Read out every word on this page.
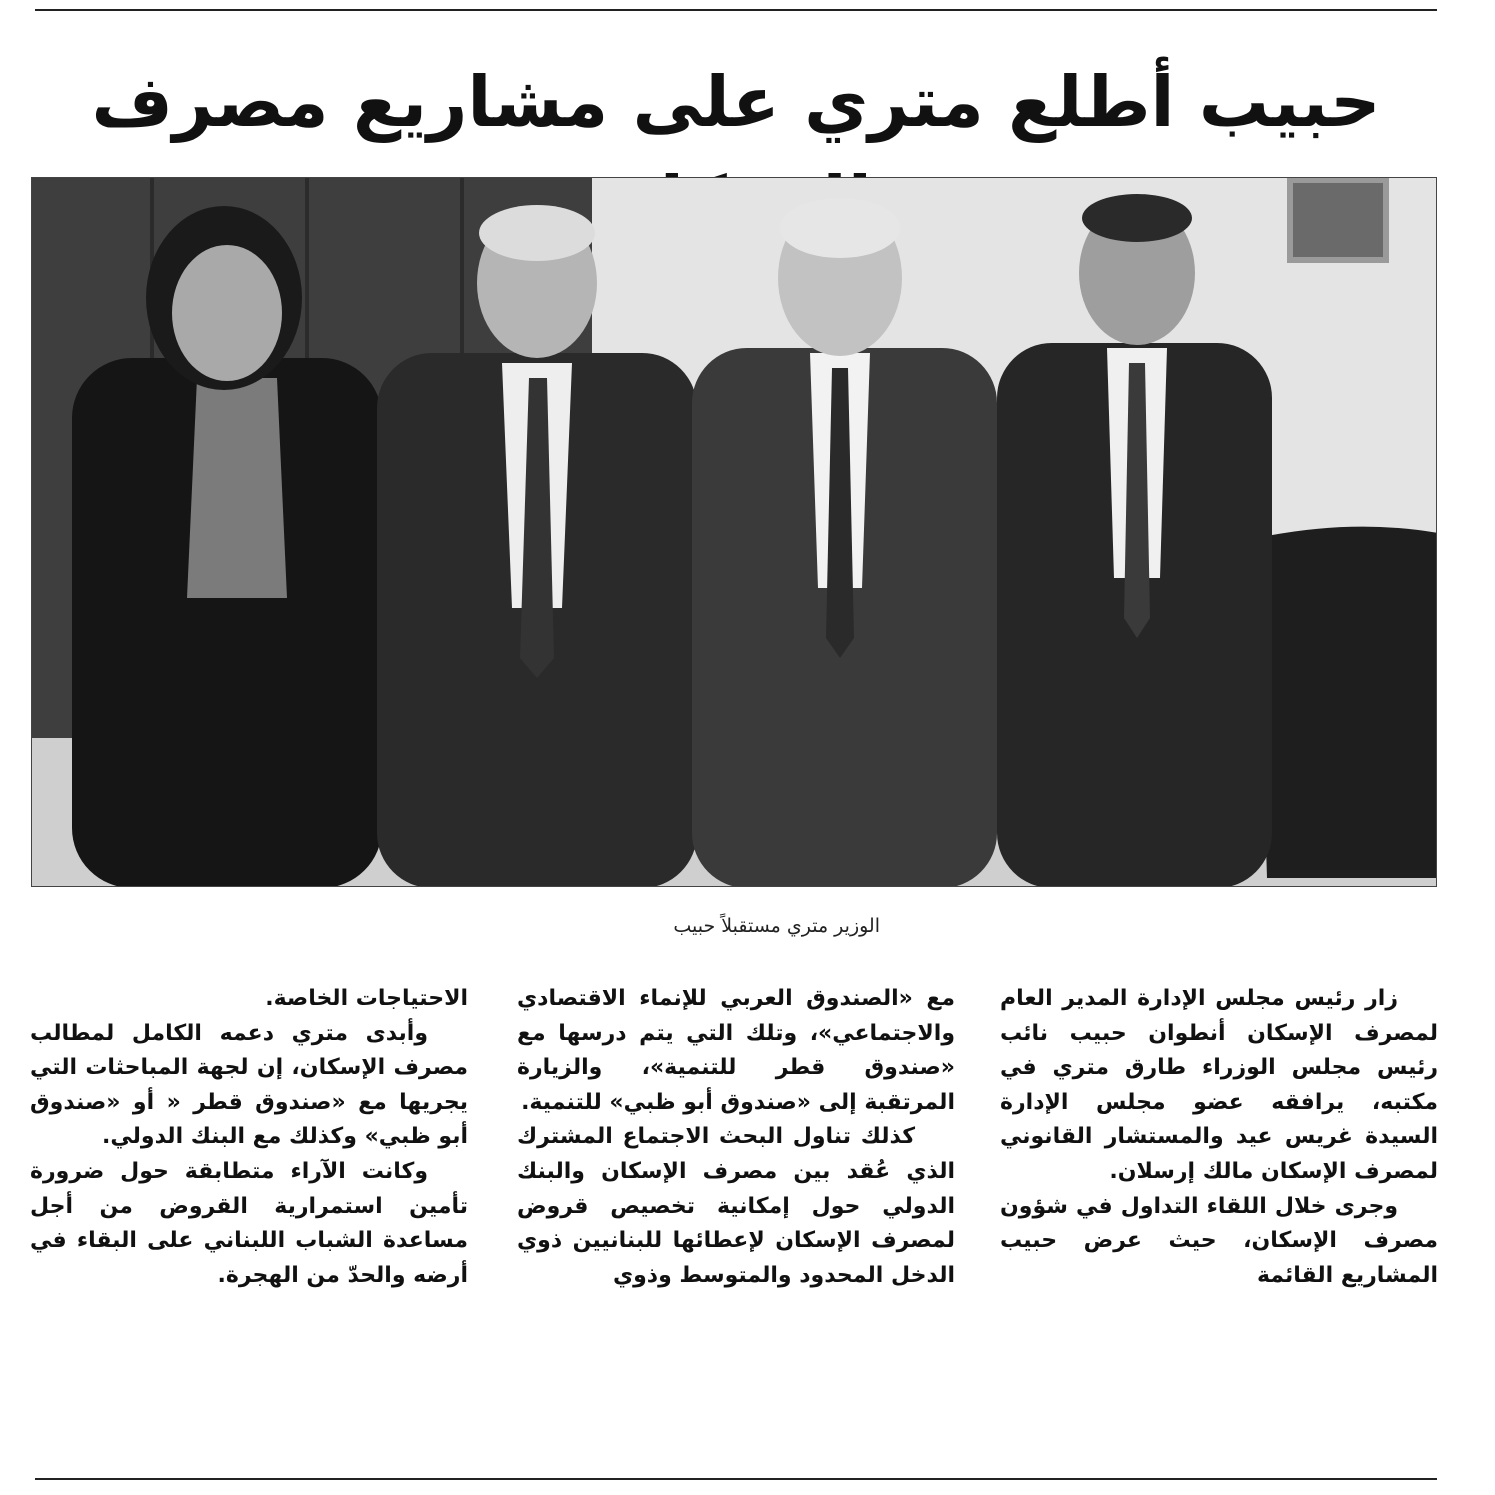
حبيب أطلع متري على مشاريع مصرف
الوزير متري مستقبلاً حبيب

زار رئيس مجلس الإدارة المدير العام لمصرف الإسكان أنطوان حبيب نائب رئيس مجلس الوزراء طارق متري في مكتبه، يرافقه عضو مجلس الإدارة السيدة غريس عيد والمستشار القانوني لمصرف الإسكان مالك إرسلان.

وجرى خلال اللقاء التداول في شؤون مصرف الإسكان، حيث عرض حبيب المشاريع القائمة

مع «الصندوق العربي للإنماء الاقتصادي والاجتماعي»، وتلك التي يتم درسها مع «صندوق قطر للتنمية»، والزيارة المرتقبة إلى «صندوق أبو ظبي» للتنمية.

كذلك تناول البحث الاجتماع المشترك الذي عُقد بين مصرف الإسكان والبنك الدولي حول إمكانية تخصيص قروض لمصرف الإسكان لإعطائها للبنانيين ذوي الدخل المحدود والمتوسط وذوي

الاحتياجات الخاصة.

وأبدى متري دعمه الكامل لمطالب مصرف الإسكان، إن لجهة المباحثات التي يجريها مع «صندوق قطر « أو «صندوق أبو ظبي» وكذلك مع البنك الدولي.

وكانت الآراء متطابقة حول ضرورة تأمين استمرارية القروض من أجل مساعدة الشباب اللبناني على البقاء في أرضه والحدّ من الهجرة.
